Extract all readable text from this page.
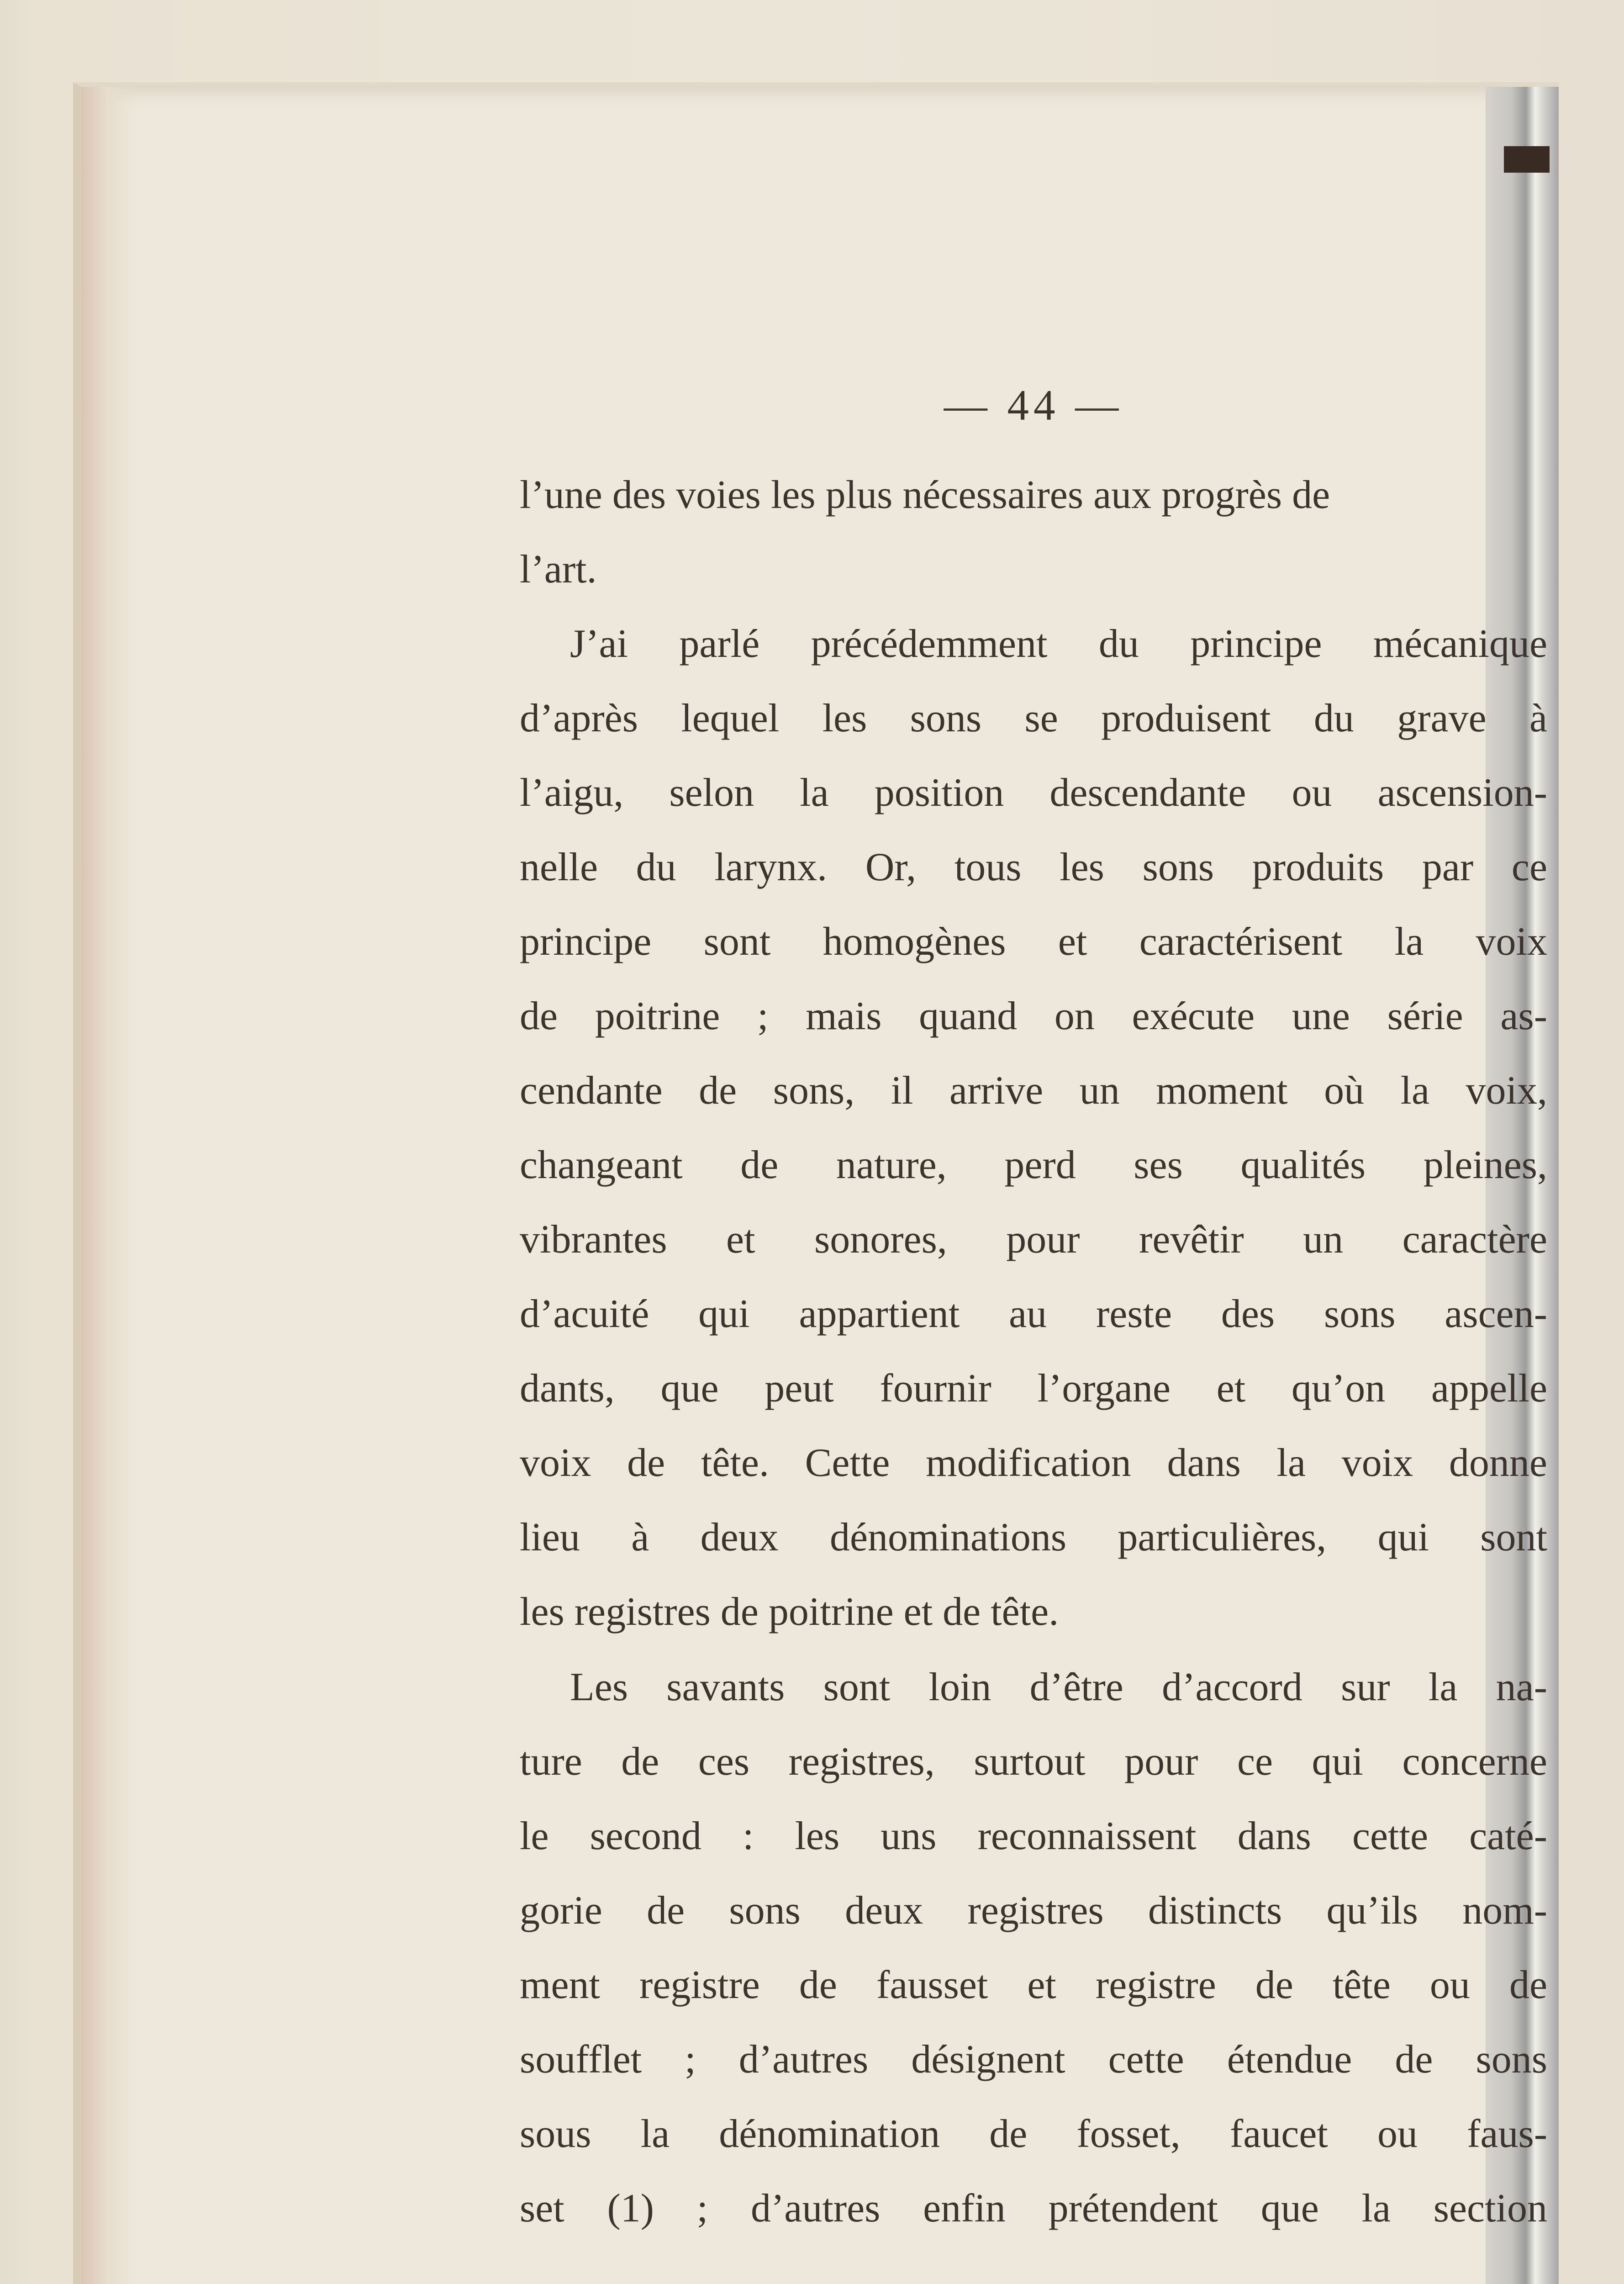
— 44 —
l’une des voies les plus nécessaires aux progrès de
l’art.
J’ai parlé précédemment du principe mécanique
d’après lequel les sons se produisent du grave à
l’aigu, selon la position descendante ou ascension-
nelle du larynx. Or, tous les sons produits par ce
principe sont homogènes et caractérisent la voix
de poitrine ; mais quand on exécute une série as-
cendante de sons, il arrive un moment où la voix,
changeant de nature, perd ses qualités pleines,
vibrantes et sonores, pour revêtir un caractère
d’acuité qui appartient au reste des sons ascen-
dants, que peut fournir l’organe et qu’on appelle
voix de tête. Cette modification dans la voix donne
lieu à deux dénominations particulières, qui sont
les registres de poitrine et de tête.
Les savants sont loin d’être d’accord sur la na-
ture de ces registres, surtout pour ce qui concerne
le second : les uns reconnaissent dans cette caté-
gorie de sons deux registres distincts qu’ils nom-
ment registre de fausset et registre de tête ou de
soufflet ; d’autres désignent cette étendue de sons
sous la dénomination de fosset, faucet ou faus-
set (1) ; d’autres enfin prétendent que la section
